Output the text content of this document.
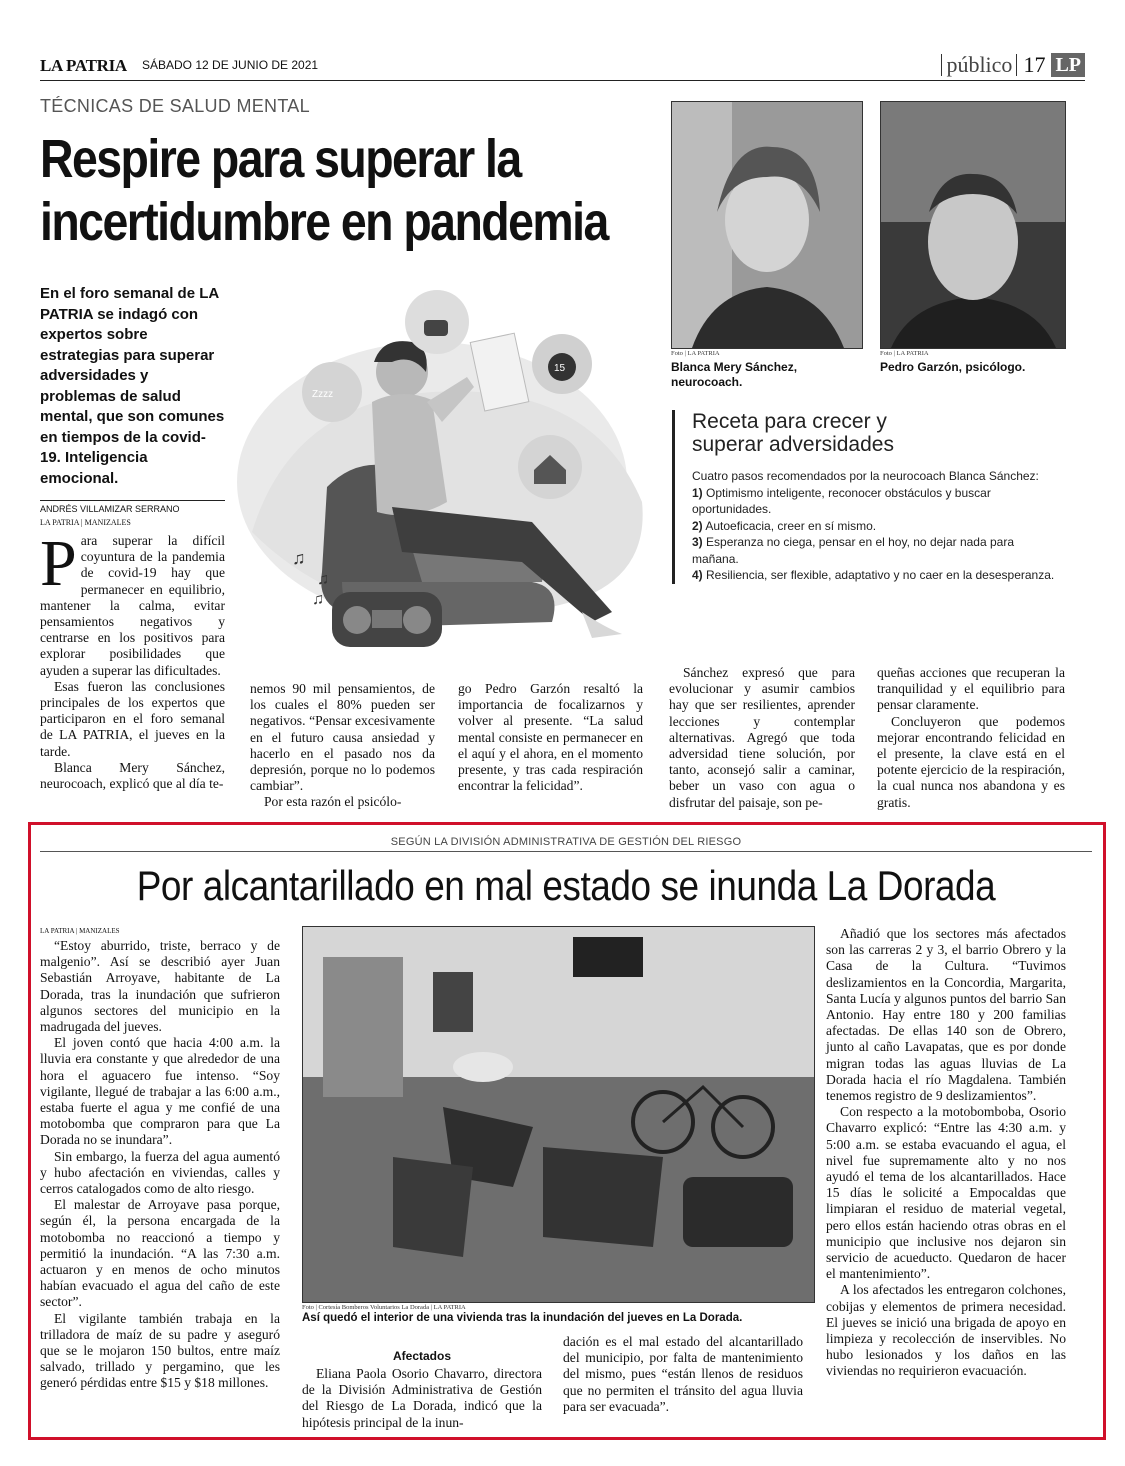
LA PATRIA SÁBADO 12 DE JUNIO DE 2021	público 17 LP
TÉCNICAS DE SALUD MENTAL
Respire para superar la
incertidumbre en pandemia
En el foro semanal de LA PATRIA se indagó con expertos sobre estrategias para superar adversidades y problemas de salud mental, que son comunes en tiempos de la covid-19. Inteligencia emocional.
ANDRÉS VILLAMIZAR SERRANO
LA PATRIA | MANIZALES
♫
♫
♫
Zzzz
15
Foto | LA PATRIA
Blanca Mery Sánchez, neurocoach.
Foto | LA PATRIA
Pedro Garzón, psicólogo.
Receta para crecer y
superar adversidades
Cuatro pasos recomendados por la neurocoach Blanca Sánchez:
1) Optimismo inteligente, reconocer obstáculos y buscar oportunidades.
2) Autoeficacia, creer en sí mismo.
3) Esperanza no ciega, pensar en el hoy, no dejar nada para mañana.
4) Resiliencia, ser flexible, adaptativo y no caer en la desesperanza.

Para superar la difícil coyuntura de la pandemia de covid-19 hay que permanecer en equilibrio, mantener la calma, evitar pensamientos negativos y centrarse en los positivos para explorar posibilidades que ayuden a superar las dificultades.

Esas fueron las conclusiones principales de los expertos que participaron en el foro semanal de LA PATRIA, el jueves en la tarde.

Blanca Mery Sánchez, neurocoach, explicó que al día te-

nemos 90 mil pensamientos, de los cuales el 80% pueden ser negativos. “Pensar excesivamente en el futuro causa ansiedad y hacerlo en el pasado nos da depresión, porque no lo podemos cambiar”.

Por esta razón el psicólo-

go Pedro Garzón resaltó la importancia de focalizarnos y volver al presente. “La salud mental consiste en permanecer en el aquí y el ahora, en el momento presente, y tras cada respiración encontrar la felicidad”.

Sánchez expresó que para evolucionar y asumir cambios hay que ser resilientes, aprender lecciones y contemplar alternativas. Agregó que toda adversidad tiene solución, por tanto, aconsejó salir a caminar, beber un vaso con agua o disfrutar del paisaje, son pe-

queñas acciones que recuperan la tranquilidad y el equilibrio para pensar claramente.

Concluyeron que podemos mejorar encontrando felicidad en el presente, la clave está en el potente ejercicio de la respiración, la cual nunca nos abandona y es gratis.

SEGÚN LA DIVISIÓN ADMINISTRATIVA DE GESTIÓN DEL RIESGO
Por alcantarillado en mal estado se inunda La Dorada
LA PATRIA | MANIZALES

“Estoy aburrido, triste, berraco y de malgenio”. Así se describió ayer Juan Sebastián Arroyave, habitante de La Dorada, tras la inundación que sufrieron algunos sectores del municipio en la madrugada del jueves.

El joven contó que hacia 4:00 a.m. la lluvia era constante y que alrededor de una hora el aguacero fue intenso. “Soy vigilante, llegué de trabajar a las 6:00 a.m., estaba fuerte el agua y me confié de una motobomba que compraron para que La Dorada no se inundara”.

Sin embargo, la fuerza del agua aumentó y hubo afectación en viviendas, calles y cerros catalogados como de alto riesgo.

El malestar de Arroyave pasa porque, según él, la persona encargada de la motobomba no reaccionó a tiempo y permitió la inundación. “A las 7:30 a.m. actuaron y en menos de ocho minutos habían evacuado el agua del caño de este sector”.

El vigilante también trabaja en la trilladora de maíz de su padre y aseguró que se le mojaron 150 bultos, entre maíz salvado, trillado y pergamino, que les generó pérdidas entre $15 y $18 millones.

Foto | Cortesía Bomberos Voluntarios La Dorada | LA PATRIA
Así quedó el interior de una vivienda tras la inundación del jueves en La Dorada.
Afectados

Eliana Paola Osorio Chavarro, directora de la División Administrativa de Gestión del Riesgo de La Dorada, indicó que la hipótesis principal de la inun-

dación es el mal estado del alcantarillado del municipio, por falta de mantenimiento del mismo, pues “están llenos de residuos que no permiten el tránsito del agua lluvia para ser evacuada”.

Añadió que los sectores más afectados son las carreras 2 y 3, el barrio Obrero y la Casa de la Cultura. “Tuvimos deslizamientos en la Concordia, Margarita, Santa Lucía y algunos puntos del barrio San Antonio. Hay entre 180 y 200 familias afectadas. De ellas 140 son de Obrero, junto al caño Lavapatas, que es por donde migran todas las aguas lluvias de La Dorada hacia el río Magdalena. También tenemos registro de 9 deslizamientos”.

Con respecto a la motobomboba, Osorio Chavarro explicó: “Entre las 4:30 a.m. y 5:00 a.m. se estaba evacuando el agua, el nivel fue supremamente alto y no nos ayudó el tema de los alcantarillados. Hace 15 días le solicité a Empocaldas que limpiaran el residuo de material vegetal, pero ellos están haciendo otras obras en el municipio que inclusive nos dejaron sin servicio de acueducto. Quedaron de hacer el mantenimiento”.

A los afectados les entregaron colchones, cobijas y elementos de primera necesidad. El jueves se inició una brigada de apoyo en limpieza y recolección de inservibles. No hubo lesionados y los daños en las viviendas no requirieron evacuación.
